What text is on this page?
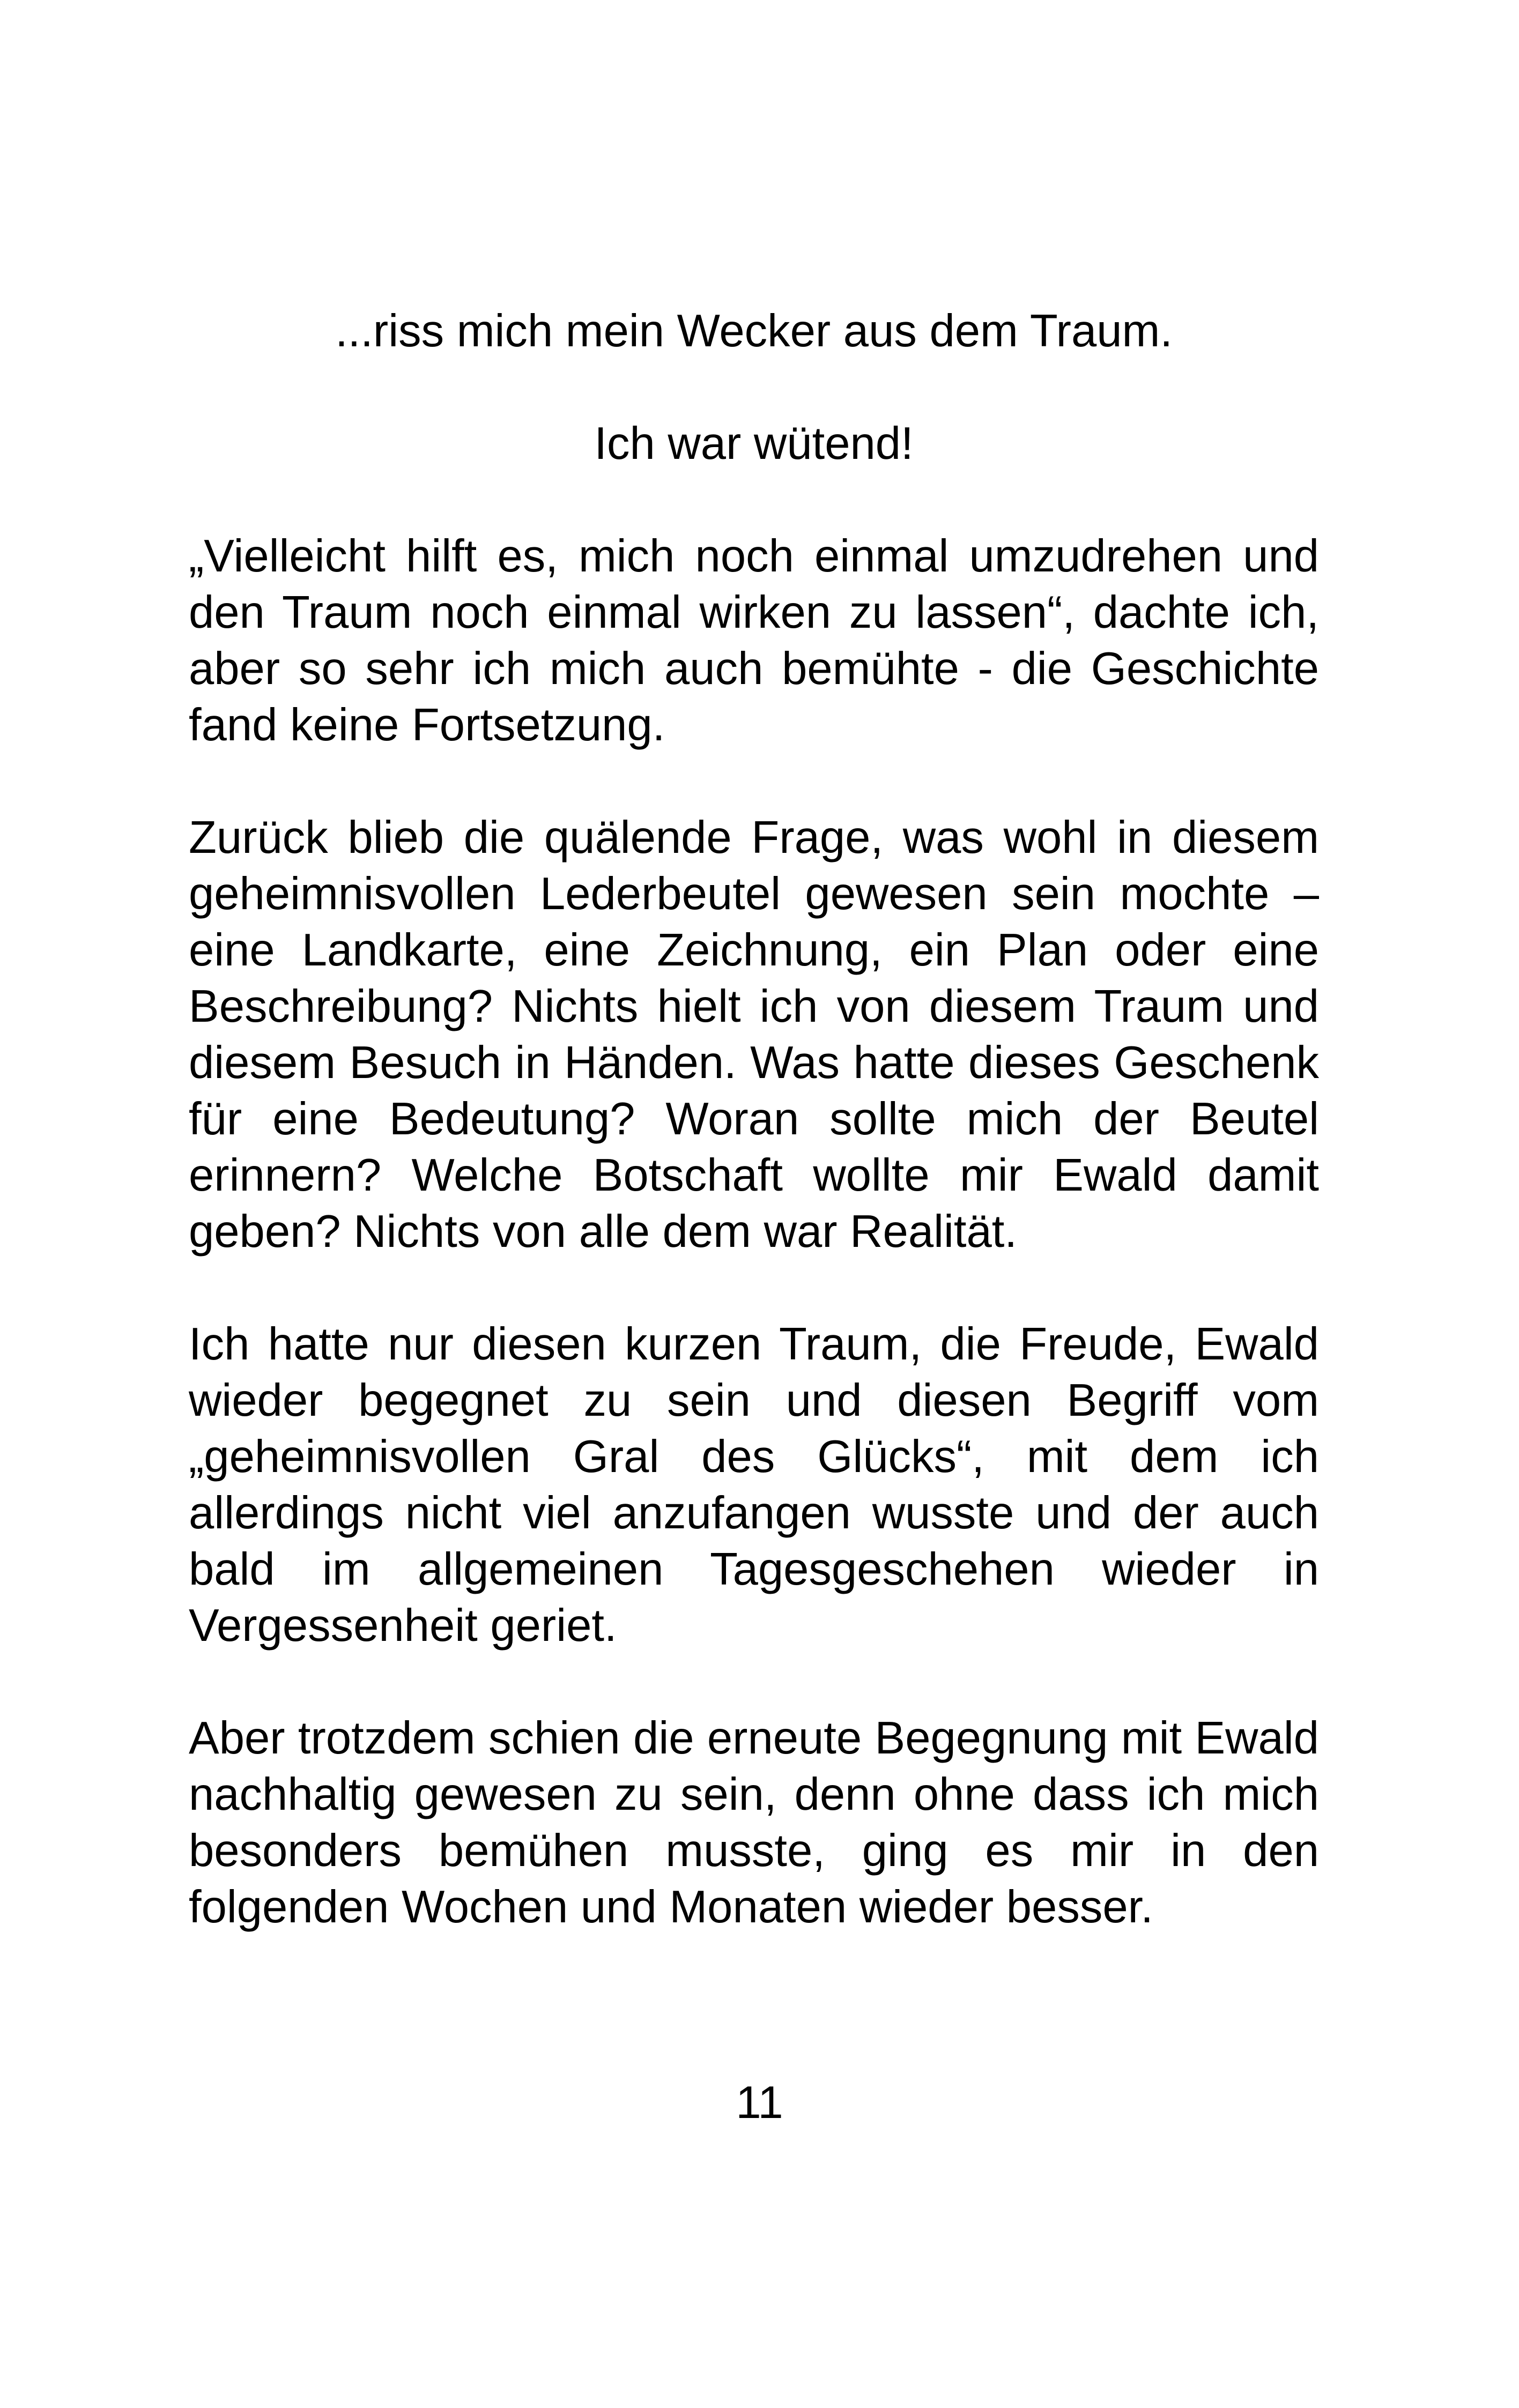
...riss mich mein Wecker aus dem Traum.

Ich war wütend!

„Vielleicht hilft es, mich noch einmal umzudrehen und den Traum noch einmal wirken zu lassen“, dachte ich, aber so sehr ich mich auch bemühte - die Geschichte fand keine Fortsetzung.

Zurück blieb die quälende Frage, was wohl in diesem geheimnisvollen Lederbeutel gewesen sein mochte – eine Landkarte, eine Zeichnung, ein Plan oder eine Beschreibung? Nichts hielt ich von diesem Traum und diesem Besuch in Händen. Was hatte dieses Geschenk für eine Bedeutung? Woran sollte mich der Beutel erinnern? Welche Botschaft wollte mir Ewald damit geben? Nichts von alle dem war Realität.

Ich hatte nur diesen kurzen Traum, die Freude, Ewald wieder begegnet zu sein und diesen Begriff vom „geheimnisvollen Gral des Glücks“, mit dem ich allerdings nicht viel anzufangen wusste und der auch bald im allgemeinen Tagesgeschehen wieder in Vergessenheit geriet.

Aber trotzdem schien die erneute Begegnung mit Ewald nachhaltig gewesen zu sein, denn ohne dass ich mich besonders bemühen musste, ging es mir in den folgenden Wochen und Monaten wieder besser.

11
